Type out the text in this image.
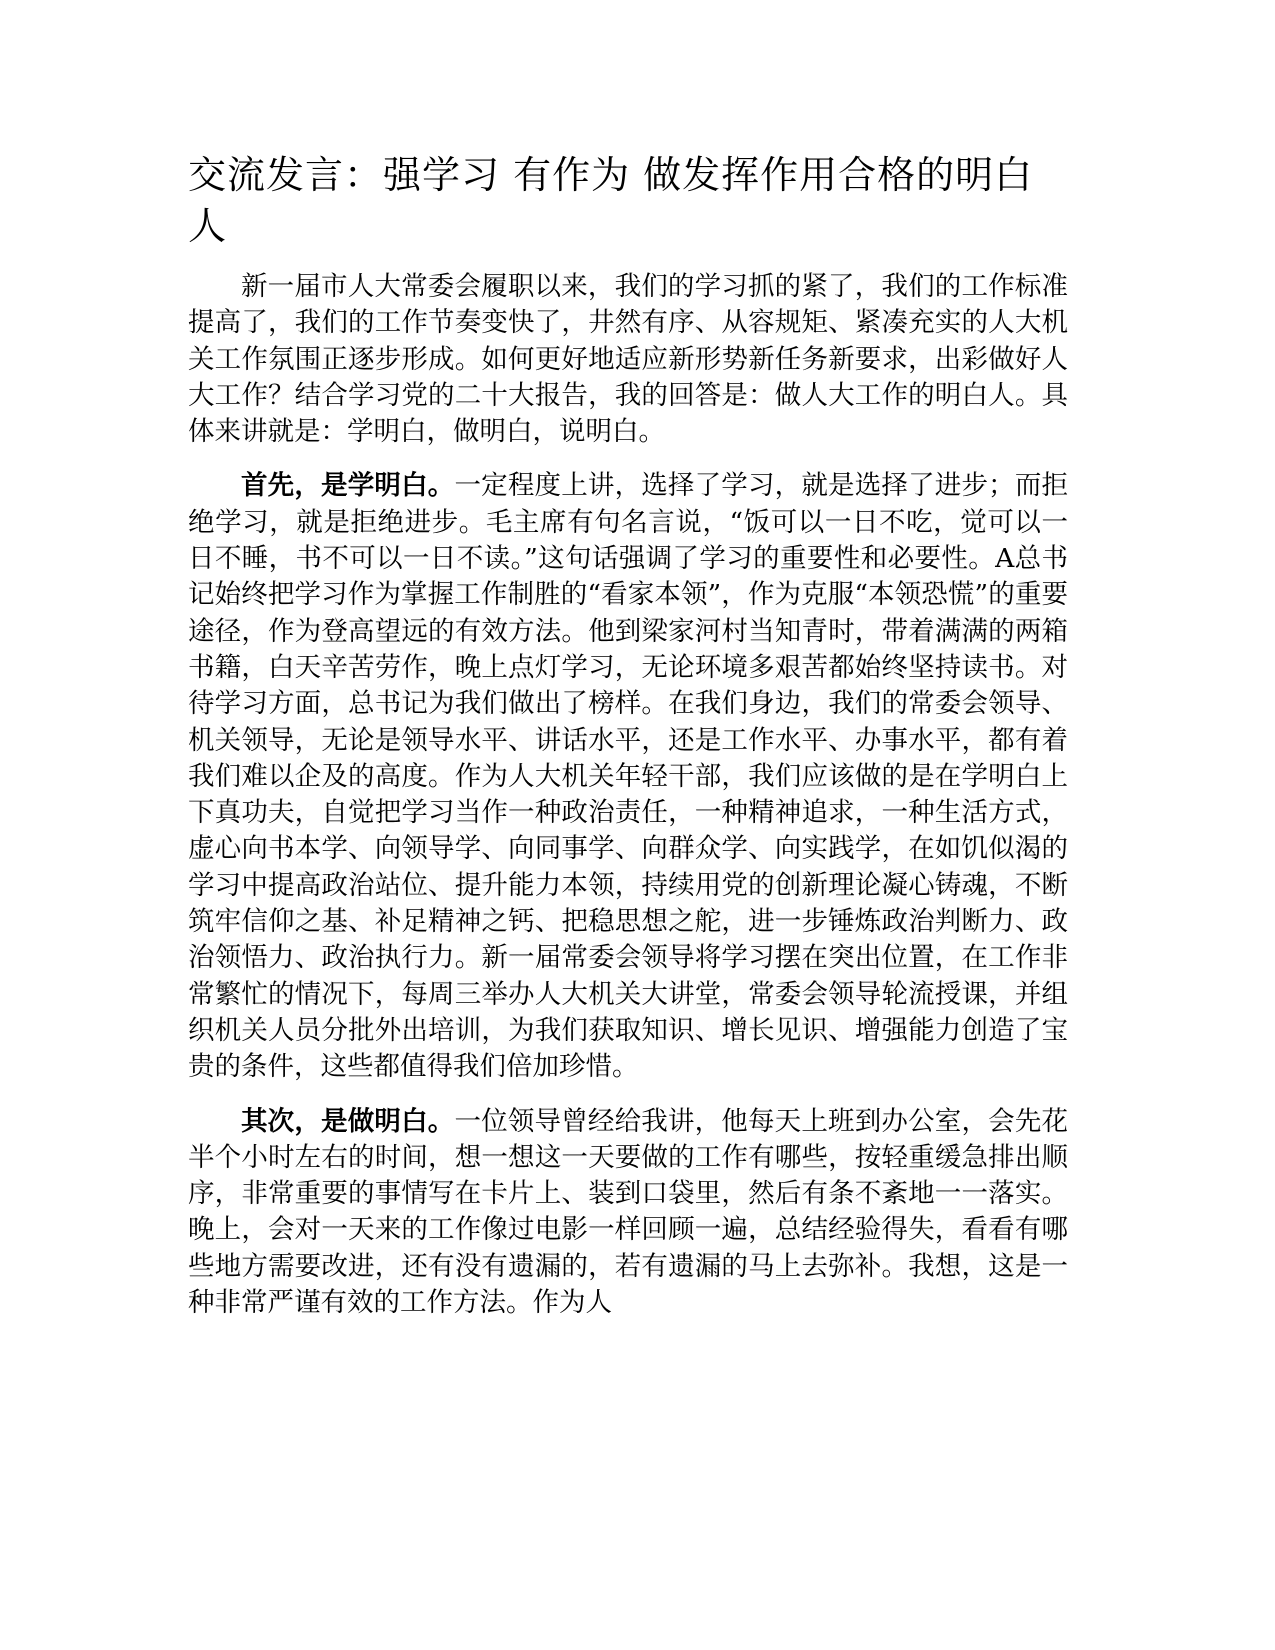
交流发言：强学习 有作为 做发挥作用合格的明白人

新一届市人大常委会履职以来，我们的学习抓的紧了，我们的工作标准提高了，我们的工作节奏变快了，井然有序、从容规矩、紧凑充实的人大机关工作氛围正逐步形成。如何更好地适应新形势新任务新要求，出彩做好人大工作？结合学习党的二十大报告，我的回答是：做人大工作的明白人。具体来讲就是：学明白，做明白，说明白。

首先，是学明白。一定程度上讲，选择了学习，就是选择了进步；而拒绝学习，就是拒绝进步。毛主席有句名言说，“饭可以一日不吃，觉可以一日不睡，书不可以一日不读。”这句话强调了学习的重要性和必要性。A总书记始终把学习作为掌握工作制胜的“看家本领”，作为克服“本领恐慌”的重要途径，作为登高望远的有效方法。他到梁家河村当知青时，带着满满的两箱书籍，白天辛苦劳作，晚上点灯学习，无论环境多艰苦都始终坚持读书。对待学习方面，总书记为我们做出了榜样。在我们身边，我们的常委会领导、机关领导，无论是领导水平、讲话水平，还是工作水平、办事水平，都有着我们难以企及的高度。作为人大机关年轻干部，我们应该做的是在学明白上下真功夫，自觉把学习当作一种政治责任，一种精神追求，一种生活方式，虚心向书本学、向领导学、向同事学、向群众学、向实践学，在如饥似渴的学习中提高政治站位、提升能力本领，持续用党的创新理论凝心铸魂，不断筑牢信仰之基、补足精神之钙、把稳思想之舵，进一步锤炼政治判断力、政治领悟力、政治执行力。新一届常委会领导将学习摆在突出位置，在工作非常繁忙的情况下，每周三举办人大机关大讲堂，常委会领导轮流授课，并组织机关人员分批外出培训，为我们获取知识、增长见识、增强能力创造了宝贵的条件，这些都值得我们倍加珍惜。

其次，是做明白。一位领导曾经给我讲，他每天上班到办公室，会先花半个小时左右的时间，想一想这一天要做的工作有哪些，按轻重缓急排出顺序，非常重要的事情写在卡片上、装到口袋里，然后有条不紊地一一落实。晚上，会对一天来的工作像过电影一样回顾一遍，总结经验得失，看看有哪些地方需要改进，还有没有遗漏的，若有遗漏的马上去弥补。我想，这是一种非常严谨有效的工作方法。作为人
